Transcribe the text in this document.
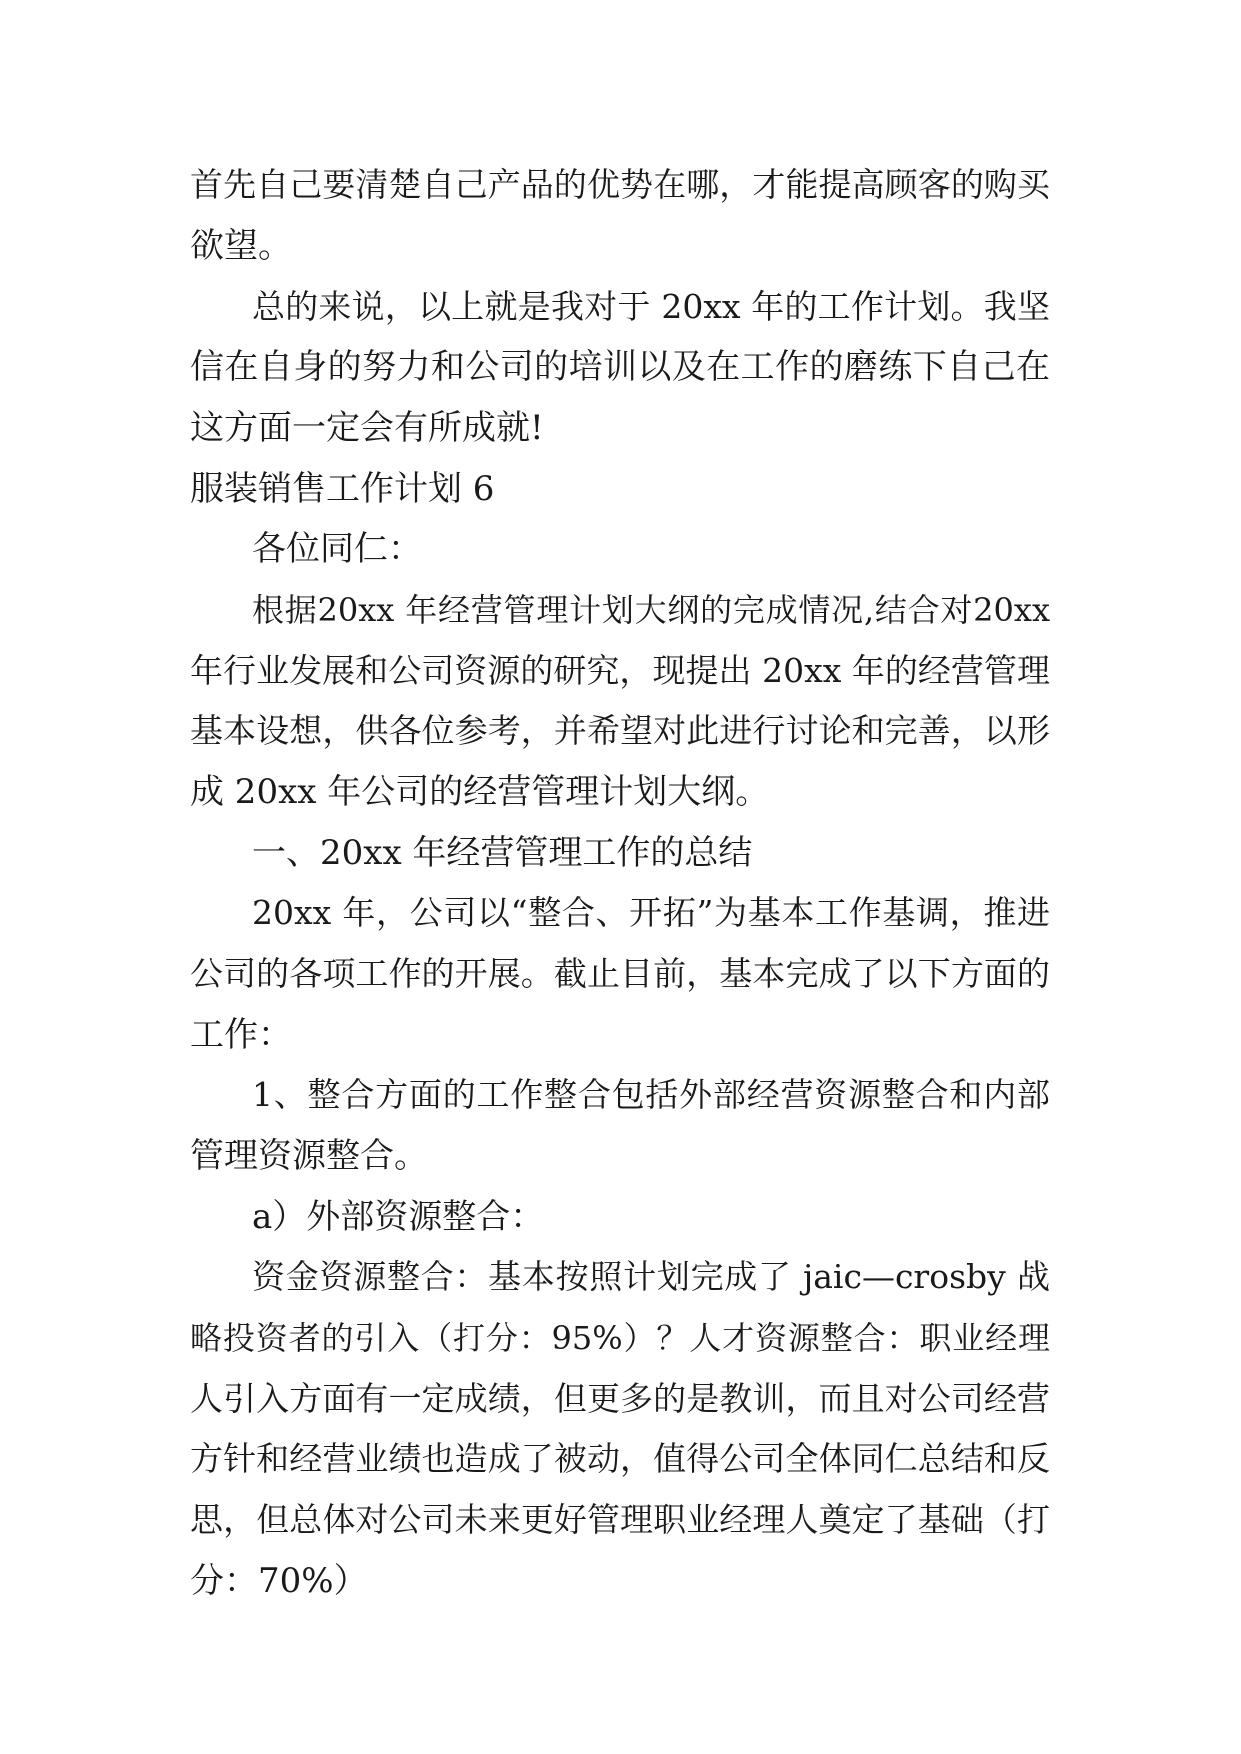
首先自己要清楚自己产品的优势在哪，才能提高顾客的购买
欲望。
总的来说，以上就是我对于 20xx 年的工作计划。我坚
信在自身的努力和公司的培训以及在工作的磨练下自己在
这方面一定会有所成就!
服装销售工作计划 6
各位同仁：
根据20xx 年经营管理计划大纲的完成情况,结合对20xx
年行业发展和公司资源的研究，现提出 20xx 年的经营管理
基本设想，供各位参考，并希望对此进行讨论和完善，以形
成 20xx 年公司的经营管理计划大纲。
一、20xx 年经营管理工作的总结
20xx 年，公司以“整合、开拓”为基本工作基调，推进
公司的各项工作的开展。截止目前，基本完成了以下方面的
工作：
1、整合方面的工作整合包括外部经营资源整合和内部
管理资源整合。
a）外部资源整合：
资金资源整合：基本按照计划完成了 jaic—crosby 战
略投资者的引入（打分：95%）？人才资源整合：职业经理
人引入方面有一定成绩，但更多的是教训，而且对公司经营
方针和经营业绩也造成了被动，值得公司全体同仁总结和反
思，但总体对公司未来更好管理职业经理人奠定了基础（打
分：70%）
